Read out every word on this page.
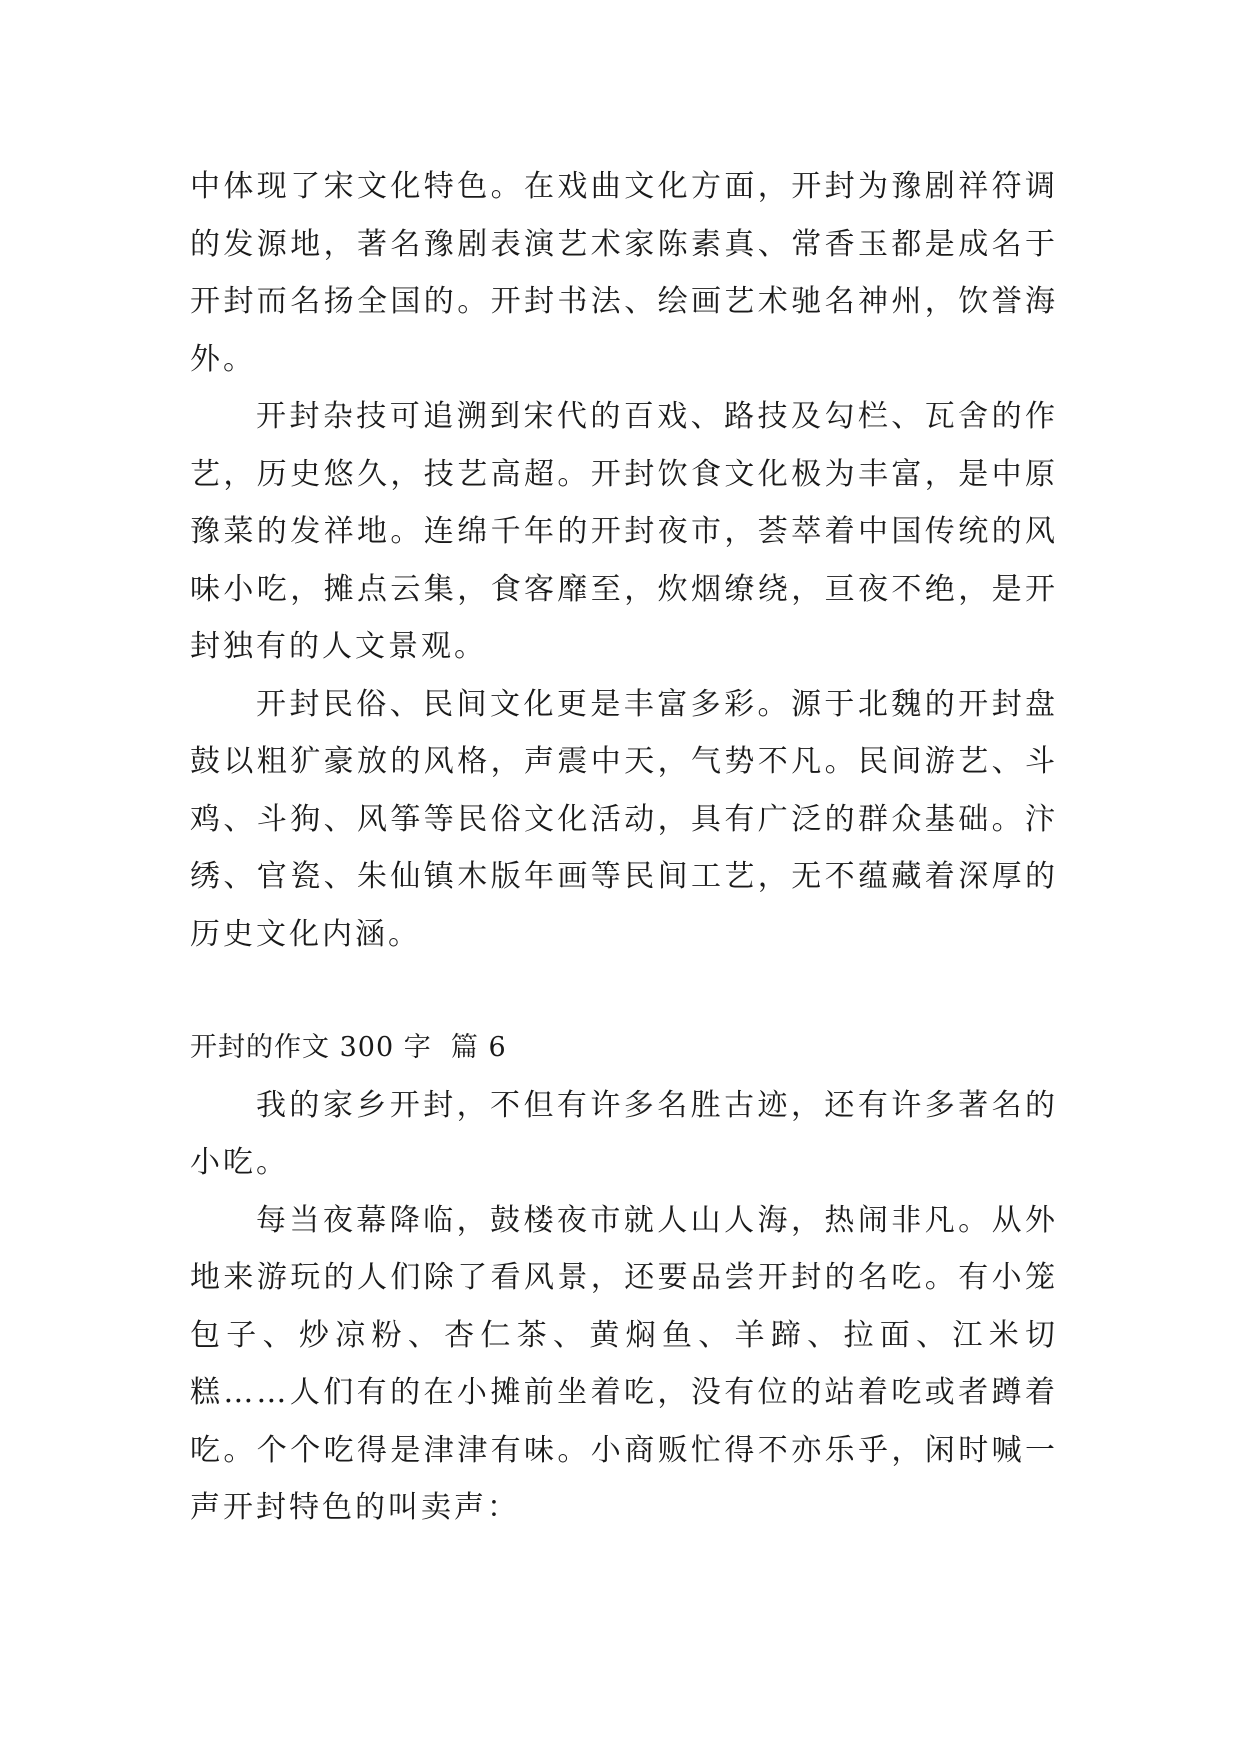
中体现了宋文化特色。在戏曲文化方面，开封为豫剧祥符调的发源地，著名豫剧表演艺术家陈素真、常香玉都是成名于开封而名扬全国的。开封书法、绘画艺术驰名神州，饮誉海外。

开封杂技可追溯到宋代的百戏、路技及勾栏、瓦舍的作艺，历史悠久，技艺高超。开封饮食文化极为丰富，是中原豫菜的发祥地。连绵千年的开封夜市，荟萃着中国传统的风味小吃，摊点云集，食客靡至，炊烟缭绕，亘夜不绝，是开封独有的人文景观。

开封民俗、民间文化更是丰富多彩。源于北魏的开封盘鼓以粗犷豪放的风格，声震中天，气势不凡。民间游艺、斗鸡、斗狗、风筝等民俗文化活动，具有广泛的群众基础。汴绣、官瓷、朱仙镇木版年画等民间工艺，无不蕴藏着深厚的历史文化内涵。

开封的作文 300 字  篇 6

我的家乡开封，不但有许多名胜古迹，还有许多著名的小吃。

每当夜幕降临，鼓楼夜市就人山人海，热闹非凡。从外地来游玩的人们除了看风景，还要品尝开封的名吃。有小笼包子、炒凉粉、杏仁茶、黄焖鱼、羊蹄、拉面、江米切糕……人们有的在小摊前坐着吃，没有位的站着吃或者蹲着吃。个个吃得是津津有味。小商贩忙得不亦乐乎，闲时喊一声开封特色的叫卖声：
